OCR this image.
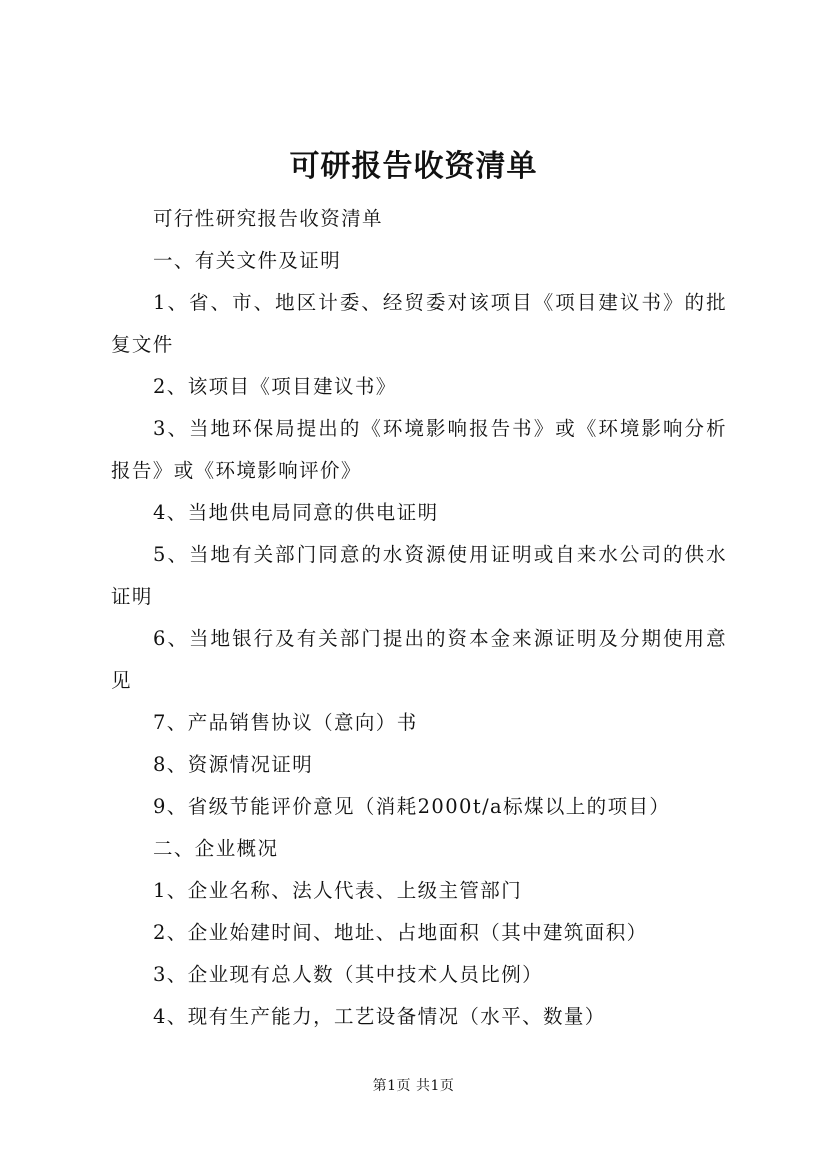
可研报告收资清单

可行性研究报告收资清单

一、有关文件及证明

1、省、市、地区计委、经贸委对该项目《项目建议书》的批复文件

2、该项目《项目建议书》

3、当地环保局提出的《环境影响报告书》或《环境影响分析报告》或《环境影响评价》

4、当地供电局同意的供电证明

5、当地有关部门同意的水资源使用证明或自来水公司的供水证明

6、当地银行及有关部门提出的资本金来源证明及分期使用意见

7、产品销售协议（意向）书

8、资源情况证明

9、省级节能评价意见（消耗2000t/a标煤以上的项目）

二、企业概况

1、企业名称、法人代表、上级主管部门

2、企业始建时间、地址、占地面积（其中建筑面积）

3、企业现有总人数（其中技术人员比例）

4、现有生产能力，工艺设备情况（水平、数量）

第1页 共1页
